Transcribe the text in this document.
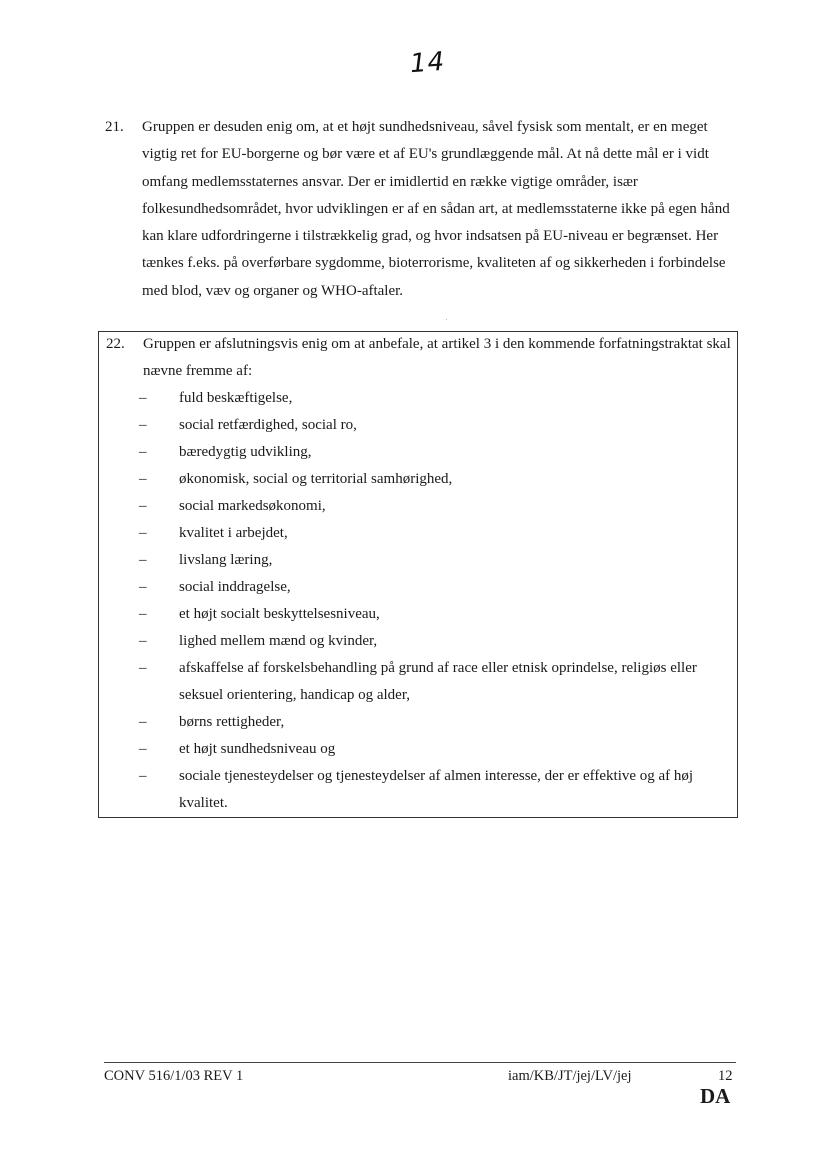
14
21. Gruppen er desuden enig om, at et højt sundhedsniveau, såvel fysisk som mentalt, er en meget vigtig ret for EU-borgerne og bør være et af EU's grundlæggende mål. At nå dette mål er i vidt omfang medlemsstaternes ansvar. Der er imidlertid en række vigtige områder, især folkesundhedsområdet, hvor udviklingen er af en sådan art, at medlemsstaterne ikke på egen hånd kan klare udfordringerne i tilstrækkelig grad, og hvor indsatsen på EU-niveau er begrænset. Her tænkes f.eks. på overførbare sygdomme, bioterrorisme, kvaliteten af og sikkerheden i forbindelse med blod, væv og organer og WHO-aftaler.
22. Gruppen er afslutningsvis enig om at anbefale, at artikel 3 i den kommende forfatningstraktat skal nævne fremme af:
– fuld beskæftigelse,
– social retfærdighed, social ro,
– bæredygtig udvikling,
– økonomisk, social og territorial samhørighed,
– social markedsøkonomi,
– kvalitet i arbejdet,
– livslang læring,
– social inddragelse,
– et højt socialt beskyttelsesniveau,
– lighed mellem mænd og kvinder,
– afskaffelse af forskelsbehandling på grund af race eller etnisk oprindelse, religiøs eller seksuel orientering, handicap og alder,
– børns rettigheder,
– et højt sundhedsniveau og
– sociale tjenesteydelser og tjenesteydelser af almen interesse, der er effektive og af høj kvalitet.
CONV 516/1/03 REV 1	iam/KB/JT/jej/LV/jej	12
DA
